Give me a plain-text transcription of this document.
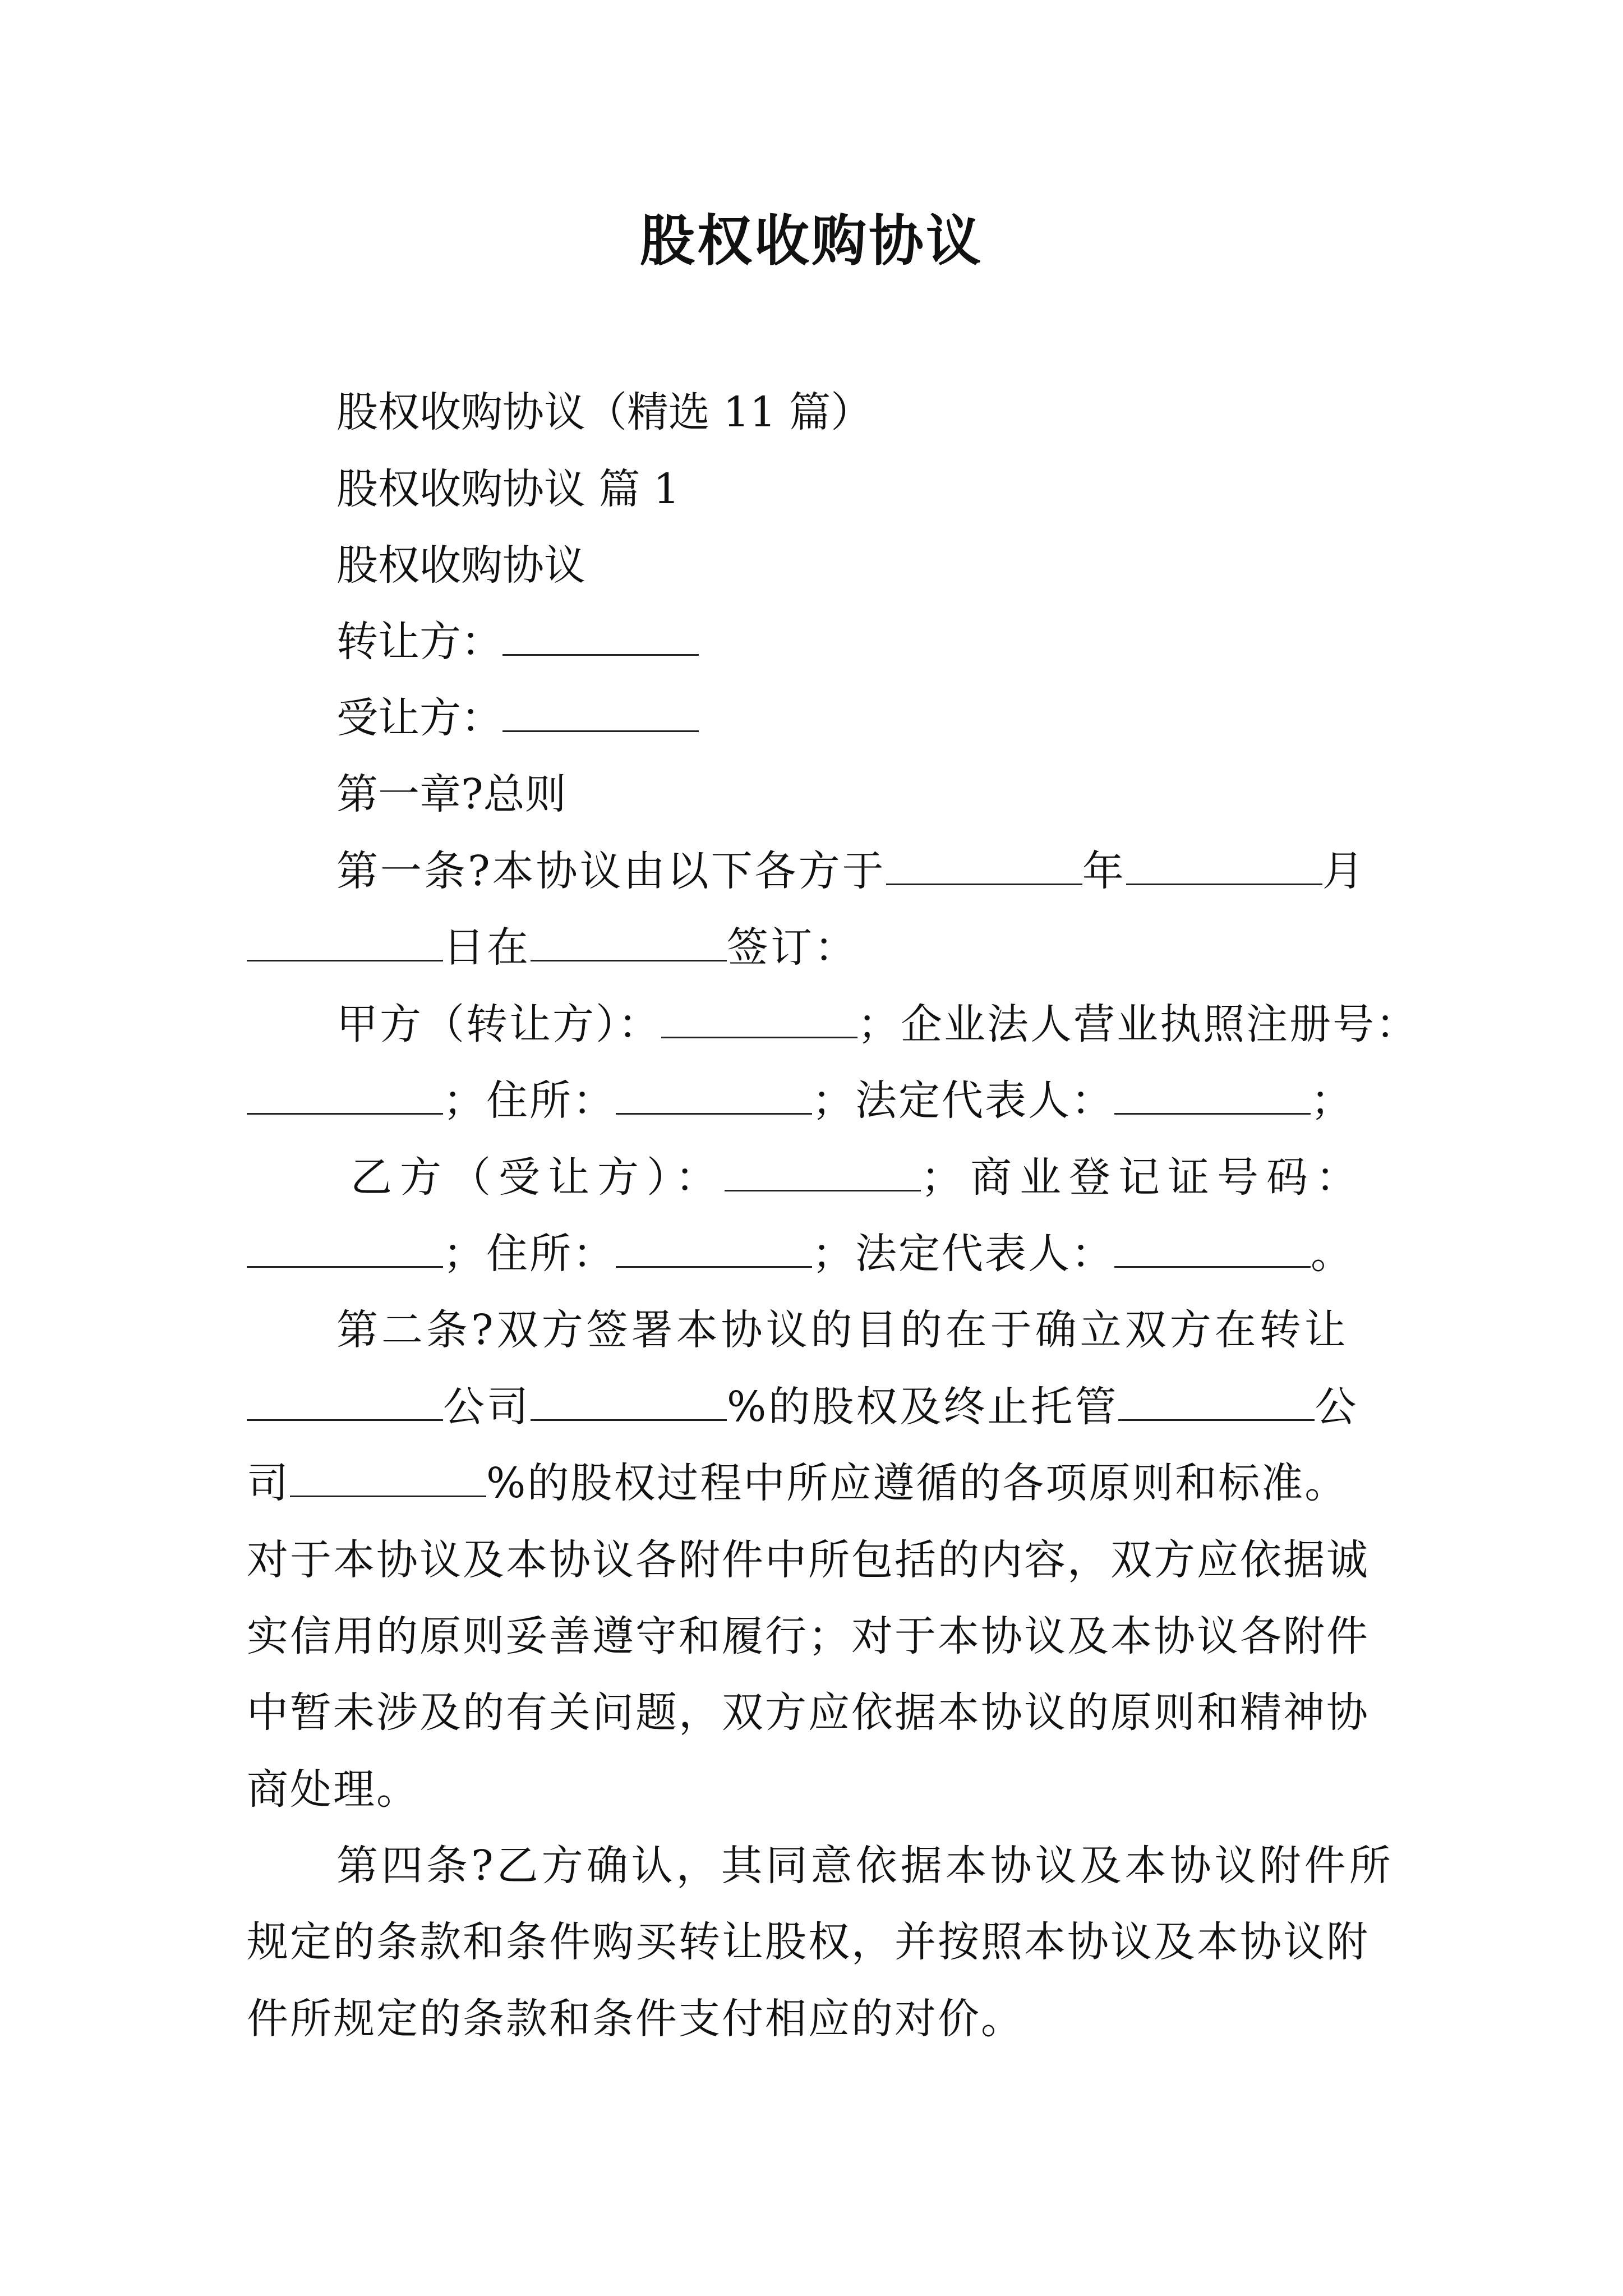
股权收购协议
股权收购协议（精选 11 篇）
股权收购协议 篇 1
股权收购协议
转让方：
受让方：
第一章?总则
第一条?本协议由以下各方于	年	月
日在	签订：
甲方（转让方）：	；企业法人营业执照注册号：
；住所：	；法定代表人：	；
乙方（受让方）：	；商业登记证号码：
；住所：	；法定代表人：	。
第二条?双方签署本协议的目的在于确立双方在转让
公司	%的股权及终止托管	公
司	%的股权过程中所应遵循的各项原则和标准。
对于本协议及本协议各附件中所包括的内容，双方应依据诚
实信用的原则妥善遵守和履行；对于本协议及本协议各附件
中暂未涉及的有关问题，双方应依据本协议的原则和精神协
商处理。
第四条?乙方确认，其同意依据本协议及本协议附件所
规定的条款和条件购买转让股权，并按照本协议及本协议附
件所规定的条款和条件支付相应的对价。
